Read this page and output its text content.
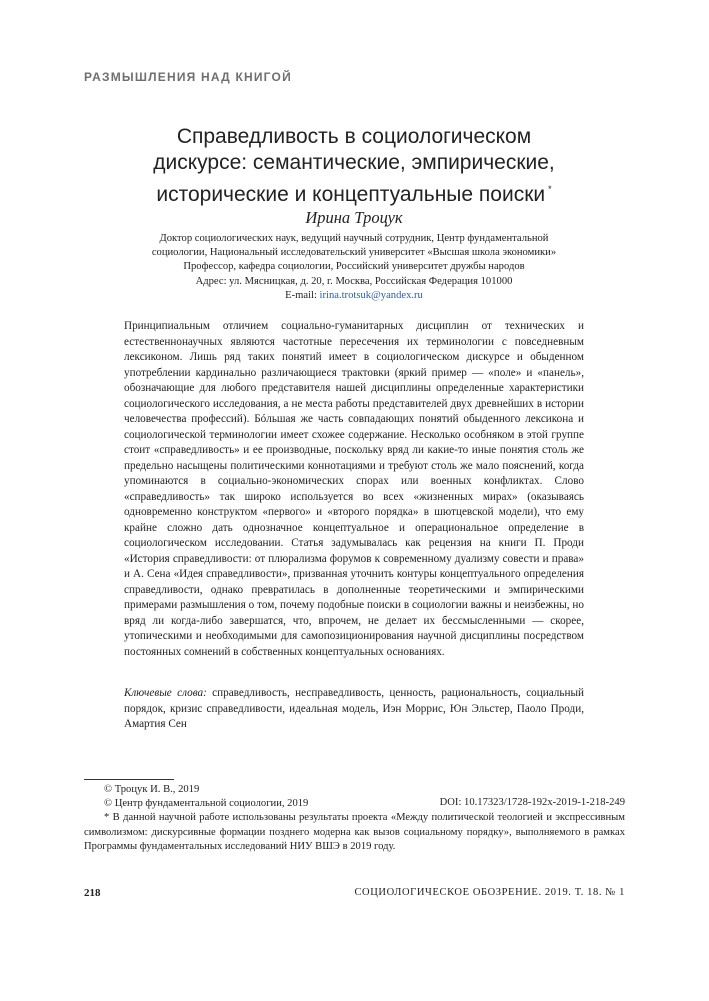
РАЗМЫШЛЕНИЯ НАД КНИГОЙ
Справедливость в социологическом
дискурсе: семантические, эмпирические,
исторические и концептуальные поиски *
Ирина Троцук
Доктор социологических наук, ведущий научный сотрудник, Центр фундаментальной
социологии, Национальный исследовательский университет «Высшая школа экономики»
Профессор, кафедра социологии, Российский университет дружбы народов
Адрес: ул. Мясницкая, д. 20, г. Москва, Российская Федерация 101000
E-mail: irina.trotsuk@yandex.ru
Принципиальным отличием социально-гуманитарных дисциплин от технических и естественнонаучных являются частотные пересечения их терминологии с повседневным лексиконом. Лишь ряд таких понятий имеет в социологическом дискурсе и обыденном употреблении кардинально различающиеся трактовки (яркий пример — «поле» и «панель», обозначающие для любого представителя нашей дисциплины определенные характеристики социологического исследования, а не места работы представителей двух древнейших в истории человечества профессий). Бóльшая же часть совпадающих понятий обыденного лексикона и социологической терминологии имеет схожее содержание. Несколько особняком в этой группе стоит «справедливость» и ее производные, поскольку вряд ли какие-то иные понятия столь же предельно насыщены политическими коннотациями и требуют столь же мало пояснений, когда упоминаются в социально-экономических спорах или военных конфликтах. Слово «справедливость» так широко используется во всех «жизненных мирах» (оказываясь одновременно конструктом «первого» и «второго порядка» в шютцевской модели), что ему крайне сложно дать однозначное концептуальное и операциональное определение в социологическом исследовании. Статья задумывалась как рецензия на книги П. Проди «История справедливости: от плюрализма форумов к современному дуализму совести и права» и А. Сена «Идея справедливости», призванная уточнить контуры концептуального определения справедливости, однако превратилась в дополненные теоретическими и эмпирическими примерами размышления о том, почему подобные поиски в социологии важны и неизбежны, но вряд ли когда-либо завершатся, что, впрочем, не делает их бессмысленными — скорее, утопическими и необходимыми для самопозиционирования научной дисциплины посредством постоянных сомнений в собственных концептуальных основаниях.
Ключевые слова: справедливость, несправедливость, ценность, рациональность, социальный порядок, кризис справедливости, идеальная модель, Иэн Моррис, Юн Эльстер, Паоло Проди, Амартия Сен
© Троцук И. В., 2019
© Центр фундаментальной социологии, 2019	DOI: 10.17323/1728-192x-2019-1-218-249
* В данной научной работе использованы результаты проекта «Между политической теологией и экспрессивным символизмом: дискурсивные формации позднего модерна как вызов социальному порядку», выполняемого в рамках Программы фундаментальных исследований НИУ ВШЭ в 2019 году.
218	СОЦИОЛОГИЧЕСКОЕ ОБОЗРЕНИЕ. 2019. Т. 18. № 1
